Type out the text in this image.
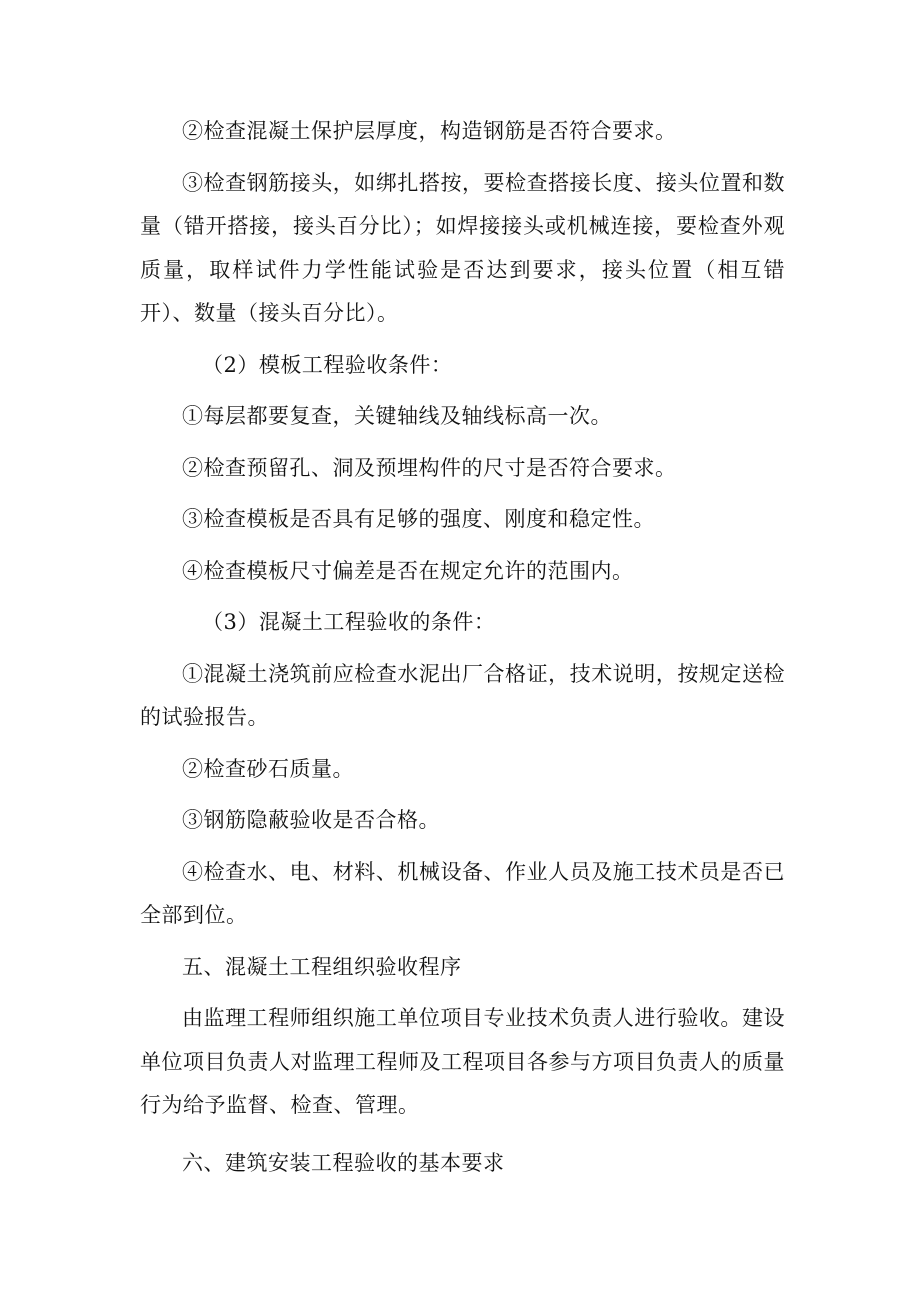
②检查混凝土保护层厚度，构造钢筋是否符合要求。

③检查钢筋接头，如绑扎搭按，要检查搭接长度、接头位置和数量（错开搭接，接头百分比）；如焊接接头或机械连接，要检查外观质量，取样试件力学性能试验是否达到要求，接头位置（相互错开）、数量（接头百分比）。

（2）模板工程验收条件：

①每层都要复查，关键轴线及轴线标高一次。

②检查预留孔、洞及预埋构件的尺寸是否符合要求。

③检查模板是否具有足够的强度、刚度和稳定性。

④检查模板尺寸偏差是否在规定允许的范围内。

（3）混凝土工程验收的条件：

①混凝土浇筑前应检查水泥出厂合格证，技术说明，按规定送检的试验报告。

②检查砂石质量。

③钢筋隐蔽验收是否合格。

④检查水、电、材料、机械设备、作业人员及施工技术员是否已全部到位。

五、混凝土工程组织验收程序

由监理工程师组织施工单位项目专业技术负责人进行验收。建设单位项目负责人对监理工程师及工程项目各参与方项目负责人的质量行为给予监督、检查、管理。

六、建筑安装工程验收的基本要求
